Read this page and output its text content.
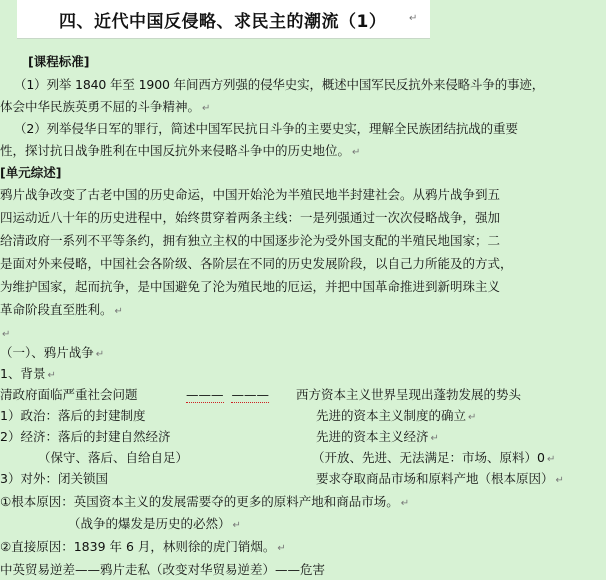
四、近代中国反侵略、求民主的潮流（1） ↵
[课程标准]
（1）列举 1840 年至 1900 年间西方列强的侵华史实，概述中国军民反抗外来侵略斗争的事迹，
体会中华民族英勇不屈的斗争精神。 ↵
（2）列举侵华日军的罪行，简述中国军民抗日斗争的主要史实，理解全民族团结抗战的重要
性，探讨抗日战争胜利在中国反抗外来侵略斗争中的历史地位。 ↵
[单元综述]
鸦片战争改变了古老中国的历史命运，中国开始沦为半殖民地半封建社会。从鸦片战争到五
四运动近八十年的历史进程中，始终贯穿着两条主线：一是列强通过一次次侵略战争，强加
给清政府一系列不平等条约，拥有独立主权的中国逐步沦为受外国支配的半殖民地国家；二
是面对外来侵略，中国社会各阶级、各阶层在不同的历史发展阶段，以自己力所能及的方式，
为维护国家，起而抗争，是中国避免了沦为殖民地的厄运，并把中国革命推进到新明珠主义
革命阶段直至胜利。 ↵
↵
（一）、鸦片战争 ↵
1、背景 ↵
清政府面临严重社会问题	——— ——— 西方资本主义世界呈现出蓬勃发展的势头
1）政治：落后的封建制度	先进的资本主义制度的确立 ↵
2）经济：落后的封建自然经济	先进的资本主义经济 ↵
（保守、落后、自给自足）	（开放、先进、无法满足：市场、原料）0 ↵
3）对外：闭关锁国	要求夺取商品市场和原料产地（根本原因） ↵
①根本原因：英国资本主义的发展需要夺的更多的原料产地和商品市场。 ↵
（战争的爆发是历史的必然） ↵
②直接原因：1839 年 6 月，林则徐的虎门销烟。 ↵
中英贸易逆差——鸦片走私（改变对华贸易逆差）——危害
